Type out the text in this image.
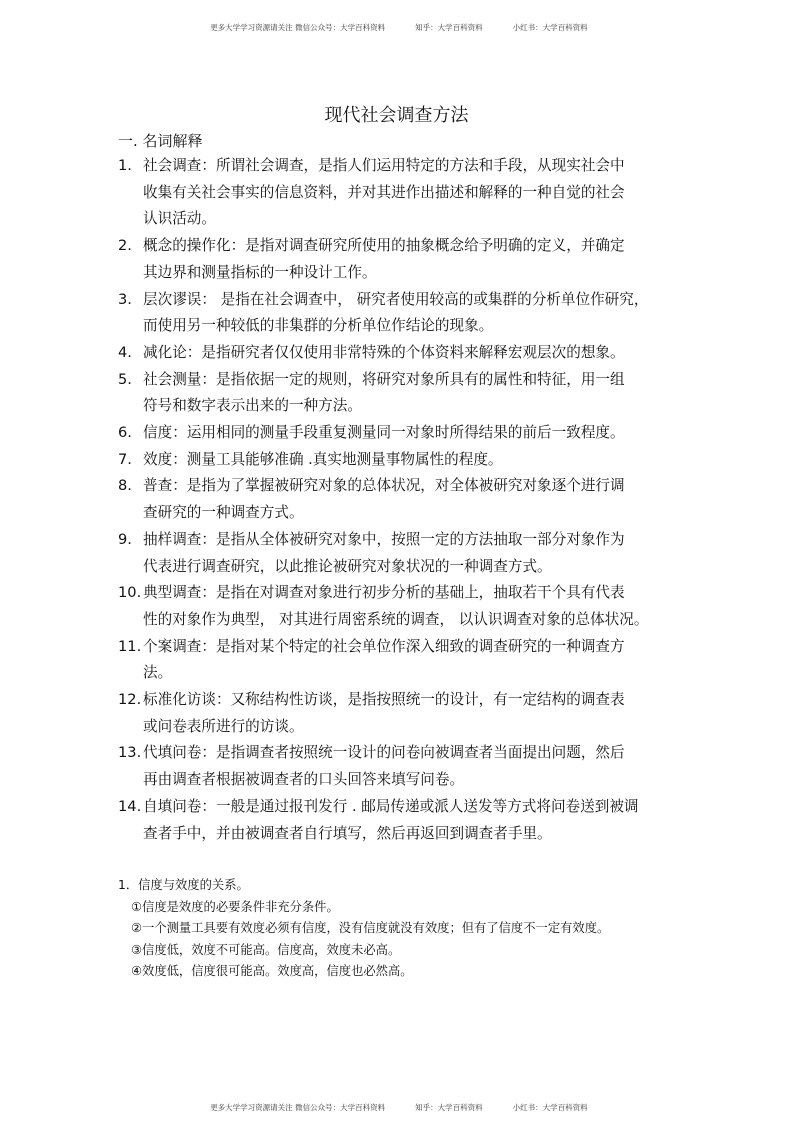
更多大学学习资源请关注 微信公众号：大学百科资料	知乎：大学百科资料	小红书：大学百科资料

现代社会调查方法
一. 名词解释
1. 社会调查：所谓社会调查，是指人们运用特定的方法和手段，从现实社会中
收集有关社会事实的信息资料，并对其进作出描述和解释的一种自觉的社会
认识活动。
2. 概念的操作化：是指对调查研究所使用的抽象概念给予明确的定义，并确定
其边界和测量指标的一种设计工作。
3. 层次谬误： 是指在社会调查中， 研究者使用较高的或集群的分析单位作研究，
而使用另一种较低的非集群的分析单位作结论的现象。
4. 减化论：是指研究者仅仅使用非常特殊的个体资料来解释宏观层次的想象。
5. 社会测量：是指依据一定的规则，将研究对象所具有的属性和特征，用一组
符号和数字表示出来的一种方法。
6. 信度：运用相同的测量手段重复测量同一对象时所得结果的前后一致程度。
7. 效度：测量工具能够准确 .真实地测量事物属性的程度。
8. 普查：是指为了掌握被研究对象的总体状况，对全体被研究对象逐个进行调
查研究的一种调查方式。
9. 抽样调查：是指从全体被研究对象中，按照一定的方法抽取一部分对象作为
代表进行调查研究，以此推论被研究对象状况的一种调查方式。
10. 典型调查：是指在对调查对象进行初步分析的基础上，抽取若干个具有代表
性的对象作为典型， 对其进行周密系统的调查， 以认识调查对象的总体状况。
11. 个案调查：是指对某个特定的社会单位作深入细致的调查研究的一种调查方
法。
12. 标准化访谈：又称结构性访谈，是指按照统一的设计，有一定结构的调查表
或问卷表所进行的访谈。
13. 代填问卷：是指调查者按照统一设计的问卷向被调查者当面提出问题，然后
再由调查者根据被调查者的口头回答来填写问卷。
14. 自填问卷：一般是通过报刊发行 . 邮局传递或派人送发等方式将问卷送到被调
查者手中，并由被调查者自行填写，然后再返回到调查者手里。
1．信度与效度的关系。
①信度是效度的必要条件非充分条件。
②一个测量工具要有效度必须有信度，没有信度就没有效度；但有了信度不一定有效度。
③信度低，效度不可能高。信度高，效度未必高。
④效度低，信度很可能高。效度高，信度也必然高。

更多大学学习资源请关注 微信公众号：大学百科资料	知乎：大学百科资料	小红书：大学百科资料
